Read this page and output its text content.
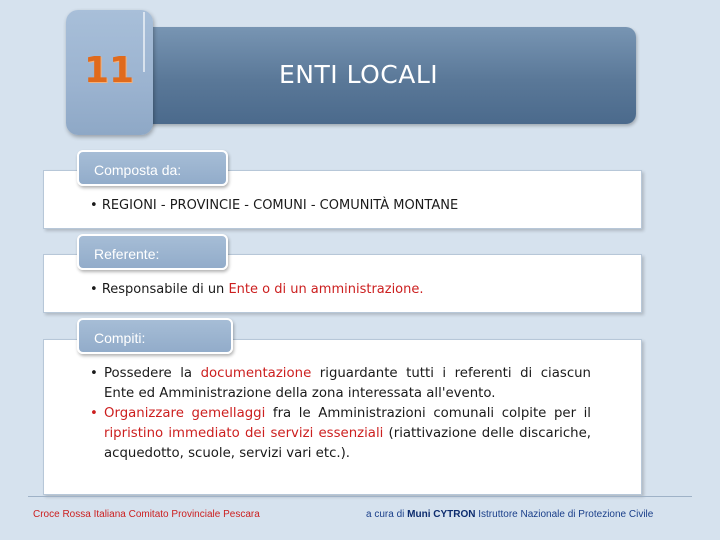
ENTI LOCALI
11
Composta da:
• REGIONI - PROVINCIE - COMUNI - COMUNITÀ MONTANE
Referente:
• Responsabile di un Ente o di un amministrazione.
Compiti:
• Possedere la documentazione riguardante tutti i referenti di ciascun Ente ed Amministrazione della zona interessata all'evento.
• Organizzare gemellaggi fra le Amministrazioni comunali colpite per il ripristino immediato dei servizi essenziali (riattivazione delle discariche, acquedotto, scuole, servizi vari etc.).
Croce Rossa Italiana Comitato Provinciale Pescara	a cura di Muni CYTRON Istruttore Nazionale di Protezione Civile
